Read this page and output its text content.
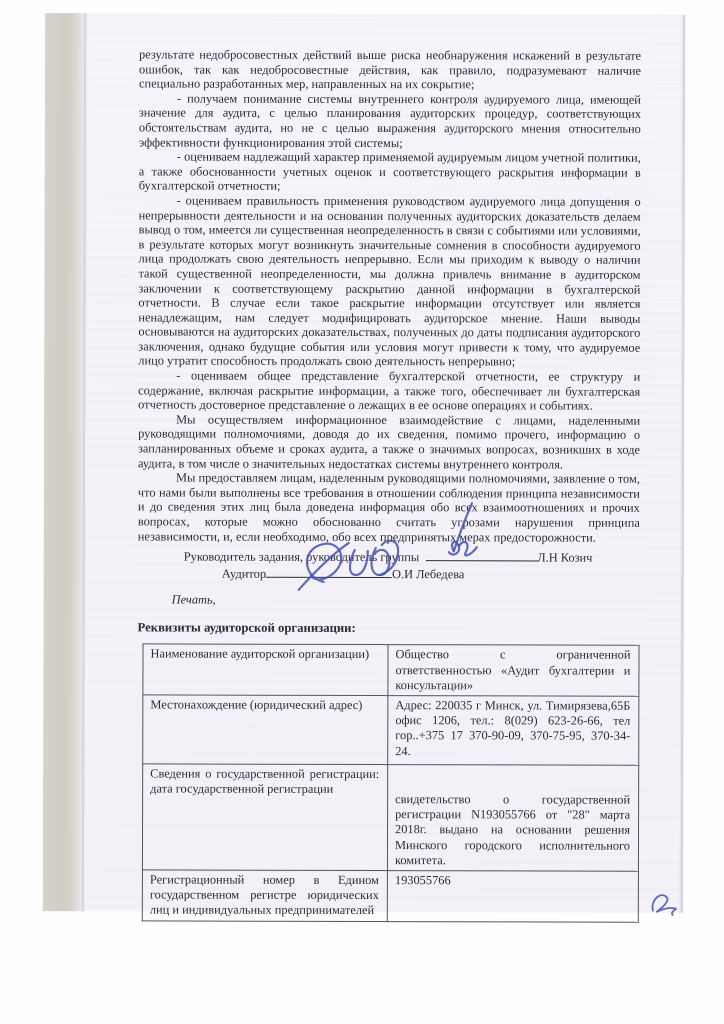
результате недобросовестных действий выше риска необнаружения искажений в результате ошибок, так как недобросовестные действия, как правило, подразумевают наличие специально разработанных мер, направленных на их сокрытие;

- получаем понимание системы внутреннего контроля аудируемого лица, имеющей значение для аудита, с целью планирования аудиторских процедур, соответствующих обстоятельствам аудита, но не с целью выражения аудиторского мнения относительно эффективности функционирования этой системы;

- оцениваем надлежащий характер применяемой аудируемым лицом учетной политики, а также обоснованности учетных оценок и соответствующего раскрытия информации в бухгалтерской отчетности;

- оцениваем правильность применения руководством аудируемого лица допущения о непрерывности деятельности и на основании полученных аудиторских доказательств делаем вывод о том, имеется ли существенная неопределенность в связи с событиями или условиями, в результате которых могут возникнуть значительные сомнения в способности аудируемого лица продолжать свою деятельность непрерывно. Если мы приходим к выводу о наличии такой существенной неопределенности, мы должна привлечь внимание в аудиторском заключении к соответствующему раскрытию данной информации в бухгалтерской отчетности. В случае если такое раскрытие информации отсутствует или является ненадлежащим, нам следует модифицировать аудиторское мнение. Наши выводы основываются на аудиторских доказательствах, полученных до даты подписания аудиторского заключения, однако будущие события или условия могут привести к тому, что аудируемое лицо утратит способность продолжать свою деятельность непрерывно;

- оцениваем общее представление бухгалтерской отчетности, ее структуру и содержание, включая раскрытие информации, а также того, обеспечивает ли бухгалтерская отчетность достоверное представление о лежащих в ее основе операциях и событиях.

Мы осуществляем информационное взаимодействие с лицами, наделенными руководящими полномочиями, доводя до их сведения, помимо прочего, информацию о запланированных объеме и сроках аудита, а также о значимых вопросах, возникших в ходе аудита, в том числе о значительных недостатках системы внутреннего контроля.

Мы предоставляем лицам, наделенным руководящими полномочиями, заявление о том, что нами были выполнены все требования в отношении соблюдения принципа независимости и до сведения этих лиц была доведена информация обо всех взаимоотношениях и прочих вопросах, которые можно обоснованно считать угрозами нарушения принципа независимости, и, если необходимо, обо всех предпринятых мерах предосторожности.

Руководитель задания, руководитель группы	Л.Н Козич
Аудитор	О.И Лебедева
Печать,
Реквизиты аудиторской организации:
Наименование аудиторской организации)	Общество с ограниченной ответственностью «Аудит бухгалтерии и консультации»
Местонахождение (юридический адрес)	Адрес: 220035 г Минск, ул. Тимирязева,65Б офис 1206, тел.: 8(029) 623-26-66, тел гор..+375 17 370-90-09, 370-75-95, 370-34-24.
Сведения о государственной регистрации: дата государственной регистрации	свидетельство о государственной регистрации N193055766 от "28" марта 2018г. выдано на основании решения Минского городского исполнительного комитета.
Регистрационный номер в Едином государственном регистре юридических лиц и индивидуальных предпринимателей	193055766
